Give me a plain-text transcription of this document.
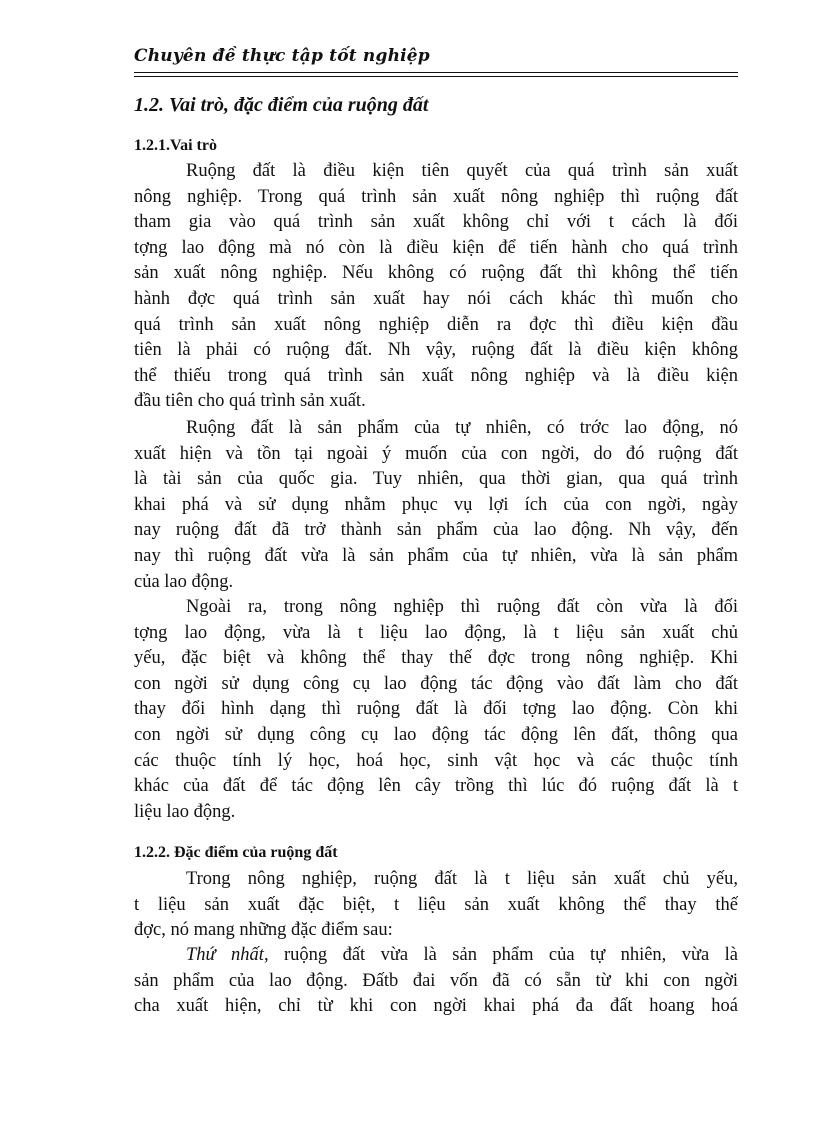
Chuyên đề thực tập tốt nghiệp
1.2. Vai trò, đặc điểm của ruộng đất
1.2.1.Vai trò
Ruộng đất là điều kiện tiên quyết của quá trình sản xuất
nông nghiệp. Trong quá trình sản xuất nông nghiệp thì ruộng đất
tham gia vào quá trình sản xuất không chỉ với t cách là đối
tợng lao động mà nó còn là điều kiện để tiến hành cho quá trình
sản xuất nông nghiệp. Nếu không có ruộng đất thì không thể tiến
hành đợc quá trình sản xuất hay nói cách khác thì muốn cho
quá trình sản xuất nông nghiệp diễn ra đợc thì điều kiện đầu
tiên là phải có ruộng đất. Nh vậy, ruộng đất là điều kiện không
thể thiếu trong quá trình sản xuất nông nghiệp và là điều kiện
đầu tiên cho quá trình sản xuất.
Ruộng đất là sản phẩm của tự nhiên, có trớc lao động, nó
xuất hiện và tồn tại ngoài ý muốn của con ngời, do đó ruộng đất
là tài sản của quốc gia. Tuy nhiên, qua thời gian, qua quá trình
khai phá và sử dụng nhằm phục vụ lợi ích của con ngời, ngày
nay ruộng đất đã trở thành sản phẩm của lao động. Nh vậy, đến
nay thì ruộng đất vừa là sản phẩm của tự nhiên, vừa là sản phẩm
của lao động.
Ngoài ra, trong nông nghiệp thì ruộng đất còn vừa là đối
tợng lao động, vừa là t liệu lao động, là t liệu sản xuất chủ
yếu, đặc biệt và không thể thay thế đợc trong nông nghiệp. Khi
con ngời sử dụng công cụ lao động tác động vào đất làm cho đất
thay đổi hình dạng thì ruộng đất là đối tợng lao động. Còn khi
con ngời sử dụng công cụ lao động tác động lên đất, thông qua
các thuộc tính lý học, hoá học, sinh vật học và các thuộc tính
khác của đất để tác động lên cây trồng thì lúc đó ruộng đất là t
liệu lao động.
1.2.2. Đặc điểm của ruộng đất
Trong nông nghiệp, ruộng đất là t liệu sản xuất chủ yếu,
t liệu sản xuất đặc biệt, t liệu sản xuất không thể thay thế
đợc, nó mang những đặc điểm sau:
Thứ nhất, ruộng đất vừa là sản phẩm của tự nhiên, vừa là
sản phẩm của lao động. Đấtb đai vốn đã có sẵn từ khi con ngời
cha xuất hiện, chỉ từ khi con ngời khai phá đa đất hoang hoá
